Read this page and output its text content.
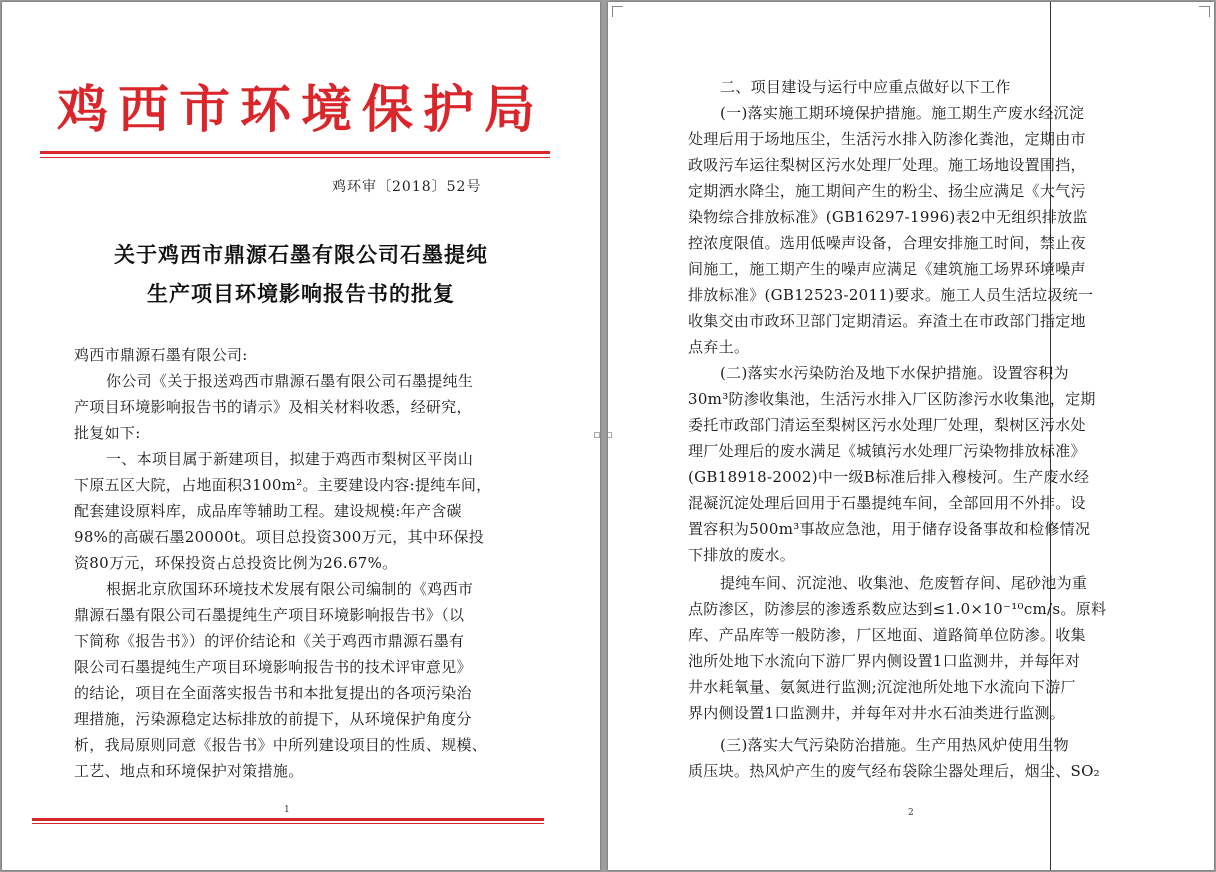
鸡西市环境保护局
鸡环审〔2018〕52号
关于鸡西市鼎源石墨有限公司石墨提纯
生产项目环境影响报告书的批复
鸡西市鼎源石墨有限公司:
你公司《关于报送鸡西市鼎源石墨有限公司石墨提纯生
产项目环境影响报告书的请示》及相关材料收悉，经研究，
批复如下:
一、本项目属于新建项目，拟建于鸡西市梨树区平岗山
下原五区大院，占地面积3100m²。主要建设内容:提纯车间，
配套建设原料库，成品库等辅助工程。建设规模:年产含碳
98%的高碳石墨20000t。项目总投资300万元，其中环保投
资80万元，环保投资占总投资比例为26.67%。
根据北京欣国环环境技术发展有限公司编制的《鸡西市
鼎源石墨有限公司石墨提纯生产项目环境影响报告书》（以
下简称《报告书》）的评价结论和《关于鸡西市鼎源石墨有
限公司石墨提纯生产项目环境影响报告书的技术评审意见》
的结论，项目在全面落实报告书和本批复提出的各项污染治
理措施，污染源稳定达标排放的前提下，从环境保护角度分
析，我局原则同意《报告书》中所列建设项目的性质、规模、
工艺、地点和环境保护对策措施。
1
二、项目建设与运行中应重点做好以下工作
(一)落实施工期环境保护措施。施工期生产废水经沉淀
处理后用于场地压尘，生活污水排入防渗化粪池，定期由市
政吸污车运往梨树区污水处理厂处理。施工场地设置围挡，
定期洒水降尘，施工期间产生的粉尘、扬尘应满足《大气污
染物综合排放标准》(GB16297-1996)表2中无组织排放监
控浓度限值。选用低噪声设备，合理安排施工时间，禁止夜
间施工，施工期产生的噪声应满足《建筑施工场界环境噪声
排放标准》(GB12523-2011)要求。施工人员生活垃圾统一
收集交由市政环卫部门定期清运。弃渣土在市政部门指定地
点弃土。
(二)落实水污染防治及地下水保护措施。设置容积为
30m³防渗收集池，生活污水排入厂区防渗污水收集池，定期
委托市政部门清运至梨树区污水处理厂处理，梨树区污水处
理厂处理后的废水满足《城镇污水处理厂污染物排放标准》
(GB18918-2002)中一级B标准后排入穆棱河。生产废水经
混凝沉淀处理后回用于石墨提纯车间，全部回用不外排。设
置容积为500m³事故应急池，用于储存设备事故和检修情况
下排放的废水。
提纯车间、沉淀池、收集池、危废暂存间、尾砂池为重
点防渗区，防渗层的渗透系数应达到≤1.0×10⁻¹⁰cm/s。原料
库、产品库等一般防渗，厂区地面、道路简单位防渗。收集
池所处地下水流向下游厂界内侧设置1口监测井，并每年对
井水耗氧量、氨氮进行监测;沉淀池所处地下水流向下游厂
界内侧设置1口监测井，并每年对井水石油类进行监测。
(三)落实大气污染防治措施。生产用热风炉使用生物
质压块。热风炉产生的废气经布袋除尘器处理后，烟尘、SO₂
2
